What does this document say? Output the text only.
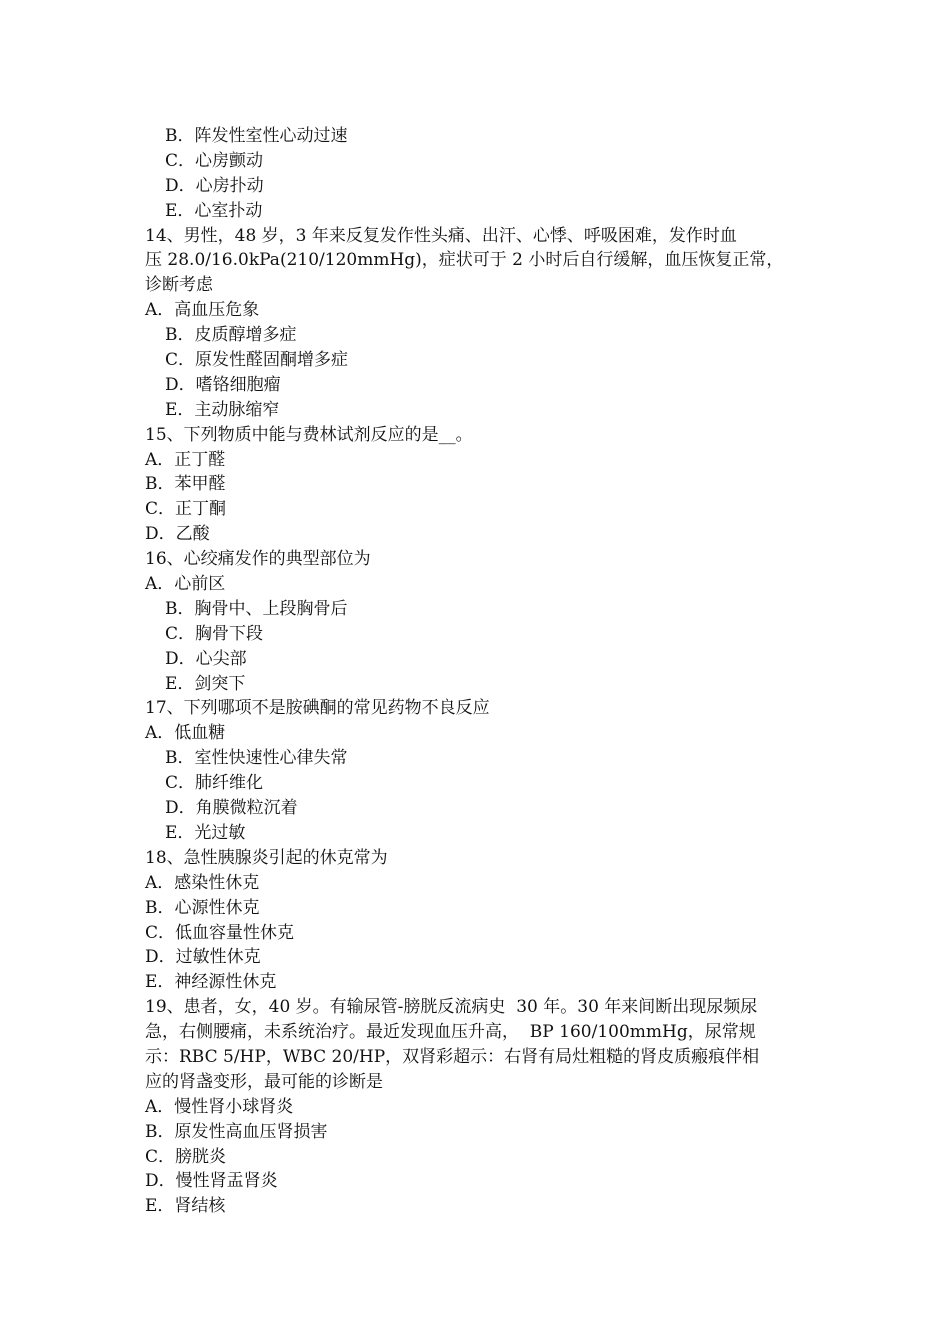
B．阵发性室性心动过速
C．心房颤动
D．心房扑动
E．心室扑动
14、男性，48 岁，3 年来反复发作性头痛、出汗、心悸、呼吸困难，发作时血
压 28.0/16.0kPa(210/120mmHg)，症状可于 2 小时后自行缓解，血压恢复正常，
诊断考虑
A．高血压危象
B．皮质醇增多症
C．原发性醛固酮增多症
D．嗜铬细胞瘤
E．主动脉缩窄
15、下列物质中能与费林试剂反应的是__。
A．正丁醛
B．苯甲醛
C．正丁酮
D．乙酸
16、心绞痛发作的典型部位为
A．心前区
B．胸骨中、上段胸骨后
C．胸骨下段
D．心尖部
E．剑突下
17、下列哪项不是胺碘酮的常见药物不良反应
A．低血糖
B．室性快速性心律失常
C．肺纤维化
D．角膜微粒沉着
E．光过敏
18、急性胰腺炎引起的休克常为
A．感染性休克
B．心源性休克
C．低血容量性休克
D．过敏性休克
E．神经源性休克
19、患者，女，40 岁。有输尿管-膀胱反流病史  30 年。30 年来间断出现尿频尿
急，右侧腰痛，未系统治疗。最近发现血压升高，  BP 160/100mmHg，尿常规
示：RBC 5/HP，WBC 20/HP，双肾彩超示：右肾有局灶粗糙的肾皮质瘢痕伴相
应的肾盏变形，最可能的诊断是
A．慢性肾小球肾炎
B．原发性高血压肾损害
C．膀胱炎
D．慢性肾盂肾炎
E．肾结核
